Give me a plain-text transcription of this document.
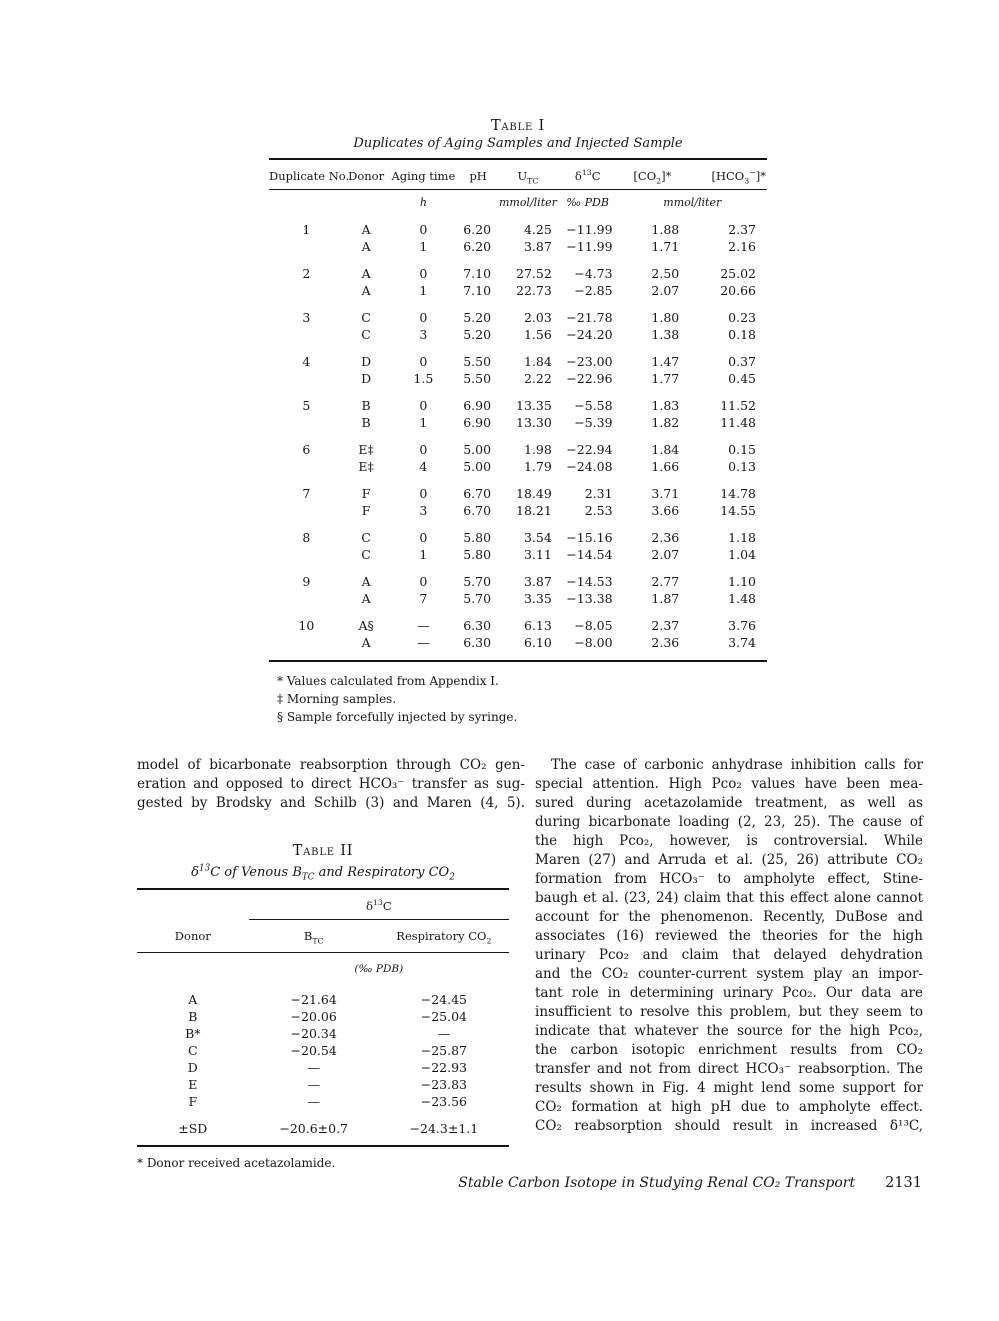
Table I
Duplicates of Aging Samples and Injected Sample
Duplicate No.	Donor	Aging time	pH	$U_{TC}$	$\delta^{13}C$	$[CO_2]*$	$[HCO_3^-]*$
		h		mmol/liter	‰ PDB	mmol/liter	
1	A	0	6.20	4.25	−11.99	1.88	2.37
	A	1	6.20	3.87	−11.99	1.71	2.16
2	A	0	7.10	27.52	−4.73	2.50	25.02
	A	1	7.10	22.73	−2.85	2.07	20.66
3	C	0	5.20	2.03	−21.78	1.80	0.23
	C	3	5.20	1.56	−24.20	1.38	0.18
4	D	0	5.50	1.84	−23.00	1.47	0.37
	D	1.5	5.50	2.22	−22.96	1.77	0.45
5	B	0	6.90	13.35	−5.58	1.83	11.52
	B	1	6.90	13.30	−5.39	1.82	11.48
6	E‡	0	5.00	1.98	−22.94	1.84	0.15
	E‡	4	5.00	1.79	−24.08	1.66	0.13
7	F	0	6.70	18.49	2.31	3.71	14.78
	F	3	6.70	18.21	2.53	3.66	14.55
8	C	0	5.80	3.54	−15.16	2.36	1.18
	C	1	5.80	3.11	−14.54	2.07	1.04
9	A	0	5.70	3.87	−14.53	2.77	1.10
	A	7	5.70	3.35	−13.38	1.87	1.48
10	A§	—	6.30	6.13	−8.05	2.37	3.76
	A	—	6.30	6.10	−8.00	2.36	3.74
* Values calculated from Appendix I.
‡ Morning samples.
§ Sample forcefully injected by syringe.

model of bicarbonate reabsorption through CO₂ gen-
eration and opposed to direct HCO₃⁻ transfer as sug-
gested by Brodsky and Schilb (3) and Maren (4, 5).

Table II
$\delta^{13}C$ of Venous $B_{TC}$ and Respiratory $CO_2$
	$\delta^{13}C$	
Donor	$B_{TC}$	Respiratory $CO_2$
	(‰ PDB)	
A	−21.64	−24.45
B	−20.06	−25.04
B*	−20.34	—
C	−20.54	−25.87
D	—	−22.93
E	—	−23.83
F	—	−23.56
±SD	−20.6±0.7	−24.3±1.1
* Donor received acetazolamide.

The case of carbonic anhydrase inhibition calls for
special attention. High Pco₂ values have been mea-
sured during acetazolamide treatment, as well as
during bicarbonate loading (2, 23, 25). The cause of
the high Pco₂, however, is controversial. While
Maren (27) and Arruda et al. (25, 26) attribute CO₂
formation from HCO₃⁻ to ampholyte effect, Stine-
baugh et al. (23, 24) claim that this effect alone cannot
account for the phenomenon. Recently, DuBose and
associates (16) reviewed the theories for the high
urinary Pco₂ and claim that delayed dehydration
and the CO₂ counter-current system play an impor-
tant role in determining urinary Pco₂. Our data are
insufficient to resolve this problem, but they seem to
indicate that whatever the source for the high Pco₂,
the carbon isotopic enrichment results from CO₂
transfer and not from direct HCO₃⁻ reabsorption. The
results shown in Fig. 4 might lend some support for
CO₂ formation at high pH due to ampholyte effect.
CO₂ reabsorption should result in increased δ¹³C,

Stable Carbon Isotope in Studying Renal CO₂ Transport 2131
